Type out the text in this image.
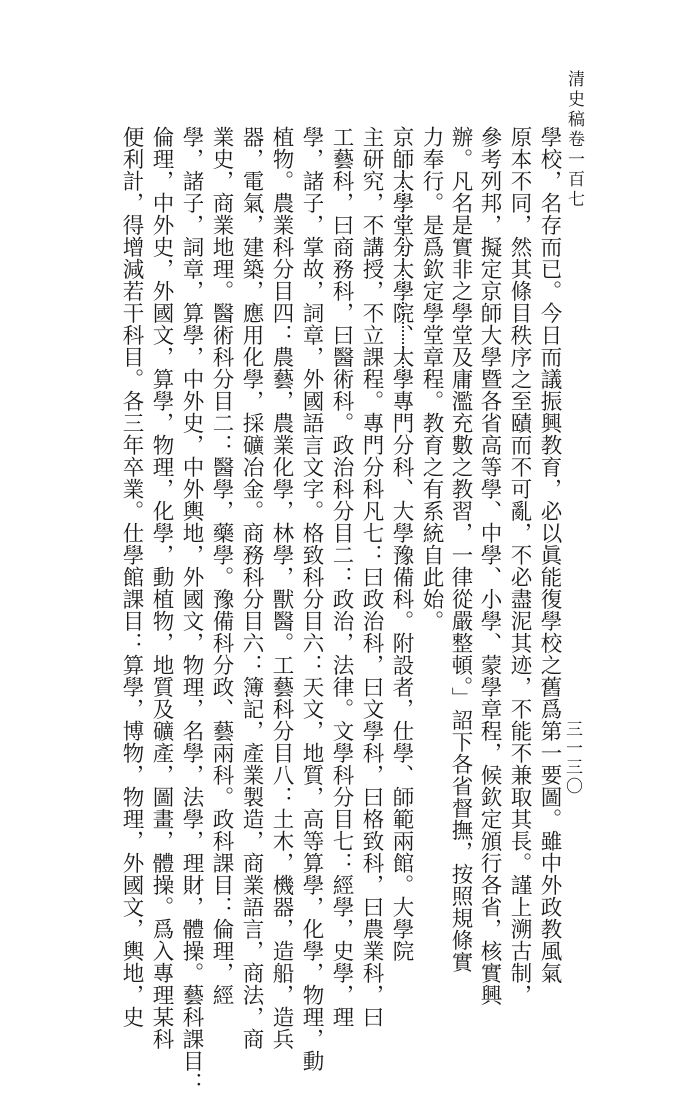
清史稿卷一百七
三一三〇
學校，名存而已。今日而議振興教育，必以眞能復學校之舊爲第一要圖。雖中外政教風氣
原本不同，然其條目秩序之至賾而不可亂，不必盡泥其迹，不能不兼取其長。謹上溯古制，
參考列邦，擬定京師大學暨各省高等學、中學、小學、蒙學章程，候欽定頒行各省，核實興
辦。凡名是實非之學堂及庸濫充數之教習，一律從嚴整頓。」詔下各省督撫，按照規條實
力奉行。是爲欽定學堂章程。教育之有系統自此始。
京師大學堂分大學院、大學專門分科、大學豫備科。附設者，仕學、師範兩館。大學院
主研究，不講授，不立課程。專門分科凡七：曰政治科，曰文學科，曰格致科，曰農業科，曰
工藝科，曰商務科，曰醫術科。政治科分目二：政治，法律。文學科分目七：經學，史學，理
學，諸子，掌故，詞章，外國語言文字。格致科分目六：天文，地質，高等算學，化學，物理，動
植物。農業科分目四：農藝，農業化學，林學，獸醫。工藝科分目八：土木，機器，造船，造兵
器，電氣，建築，應用化學，採礦冶金。商務科分目六：簿記，產業製造，商業語言，商法，商
業史，商業地理。醫術科分目二：醫學，藥學。豫備科分政、藝兩科。政科課目：倫理，經
學，諸子，詞章，算學，中外史，中外輿地，外國文，物理，名學，法學，理財，體操。藝科課目：
倫理，中外史，外國文，算學，物理，化學，動植物，地質及礦產，圖畫，體操。爲入專理某科
便利計，得增減若干科目。各三年卒業。仕學館課目：算學，博物，物理，外國文，輿地，史
